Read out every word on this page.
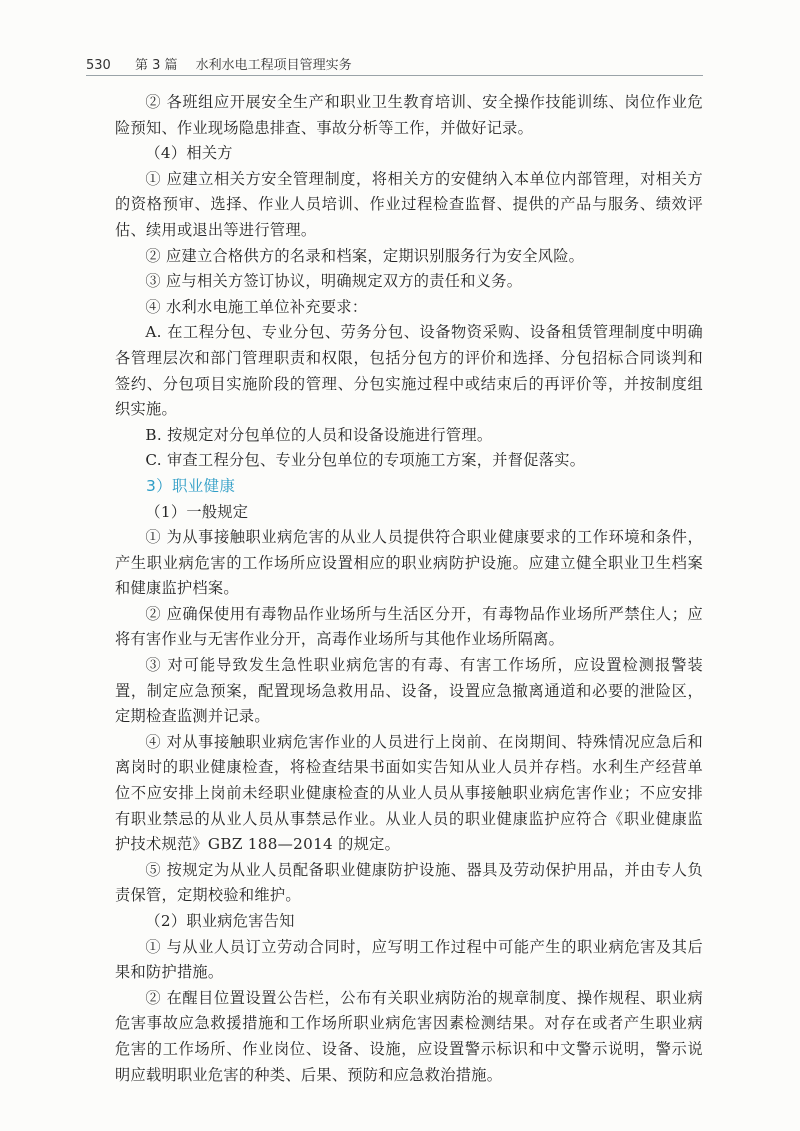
530 第 3 篇 水利水电工程项目管理实务

② 各班组应开展安全生产和职业卫生教育培训、安全操作技能训练、岗位作业危险预知、作业现场隐患排查、事故分析等工作，并做好记录。

（4）相关方

① 应建立相关方安全管理制度，将相关方的安健纳入本单位内部管理，对相关方的资格预审、选择、作业人员培训、作业过程检查监督、提供的产品与服务、绩效评估、续用或退出等进行管理。

② 应建立合格供方的名录和档案，定期识别服务行为安全风险。

③ 应与相关方签订协议，明确规定双方的责任和义务。

④ 水利水电施工单位补充要求：

A. 在工程分包、专业分包、劳务分包、设备物资采购、设备租赁管理制度中明确各管理层次和部门管理职责和权限，包括分包方的评价和选择、分包招标合同谈判和签约、分包项目实施阶段的管理、分包实施过程中或结束后的再评价等，并按制度组织实施。

B. 按规定对分包单位的人员和设备设施进行管理。

C. 审查工程分包、专业分包单位的专项施工方案，并督促落实。

3）职业健康

（1）一般规定

① 为从事接触职业病危害的从业人员提供符合职业健康要求的工作环境和条件，产生职业病危害的工作场所应设置相应的职业病防护设施。应建立健全职业卫生档案和健康监护档案。

② 应确保使用有毒物品作业场所与生活区分开，有毒物品作业场所严禁住人；应将有害作业与无害作业分开，高毒作业场所与其他作业场所隔离。

③ 对可能导致发生急性职业病危害的有毒、有害工作场所，应设置检测报警装置，制定应急预案，配置现场急救用品、设备，设置应急撤离通道和必要的泄险区，定期检查监测并记录。

④ 对从事接触职业病危害作业的人员进行上岗前、在岗期间、特殊情况应急后和离岗时的职业健康检查，将检查结果书面如实告知从业人员并存档。水利生产经营单位不应安排上岗前未经职业健康检查的从业人员从事接触职业病危害作业；不应安排有职业禁忌的从业人员从事禁忌作业。从业人员的职业健康监护应符合《职业健康监护技术规范》GBZ 188—2014 的规定。

⑤ 按规定为从业人员配备职业健康防护设施、器具及劳动保护用品，并由专人负责保管，定期校验和维护。

（2）职业病危害告知

① 与从业人员订立劳动合同时，应写明工作过程中可能产生的职业病危害及其后果和防护措施。

② 在醒目位置设置公告栏，公布有关职业病防治的规章制度、操作规程、职业病危害事故应急救援措施和工作场所职业病危害因素检测结果。对存在或者产生职业病危害的工作场所、作业岗位、设备、设施，应设置警示标识和中文警示说明，警示说明应载明职业危害的种类、后果、预防和应急救治措施。
